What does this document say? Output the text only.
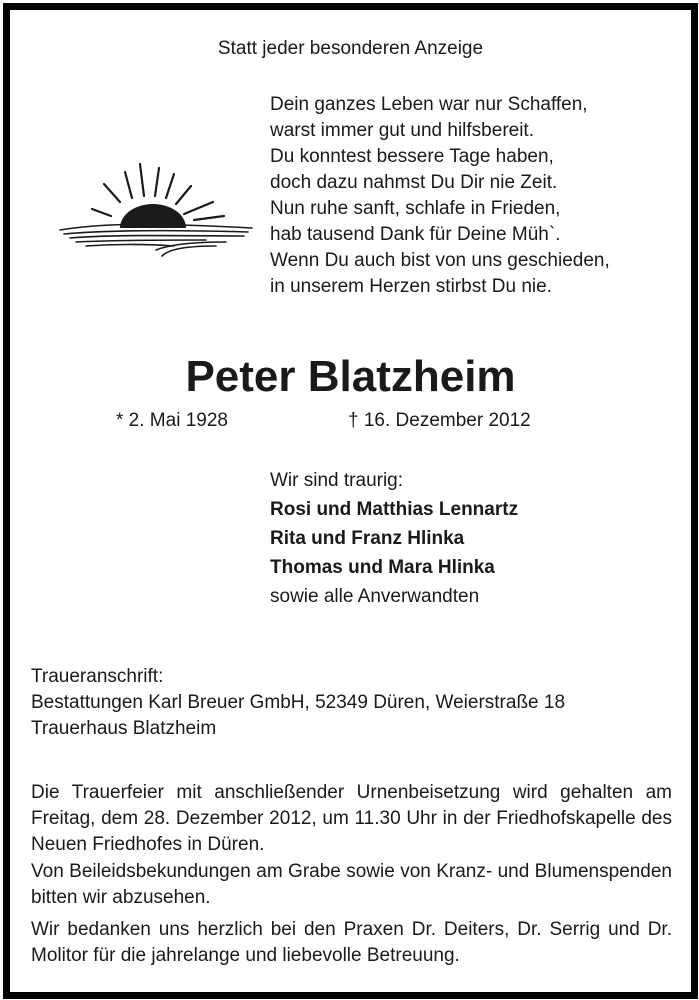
Statt jeder besonderen Anzeige
Dein ganzes Leben war nur Schaffen,
warst immer gut und hilfsbereit.
Du konntest bessere Tage haben,
doch dazu nahmst Du Dir nie Zeit.
Nun ruhe sanft, schlafe in Frieden,
hab tausend Dank für Deine Müh`.
Wenn Du auch bist von uns geschieden,
in unserem Herzen stirbst Du nie.
Peter Blatzheim
* 2. Mai 1928	† 16. Dezember 2012
Wir sind traurig:
Rosi und Matthias Lennartz
Rita und Franz Hlinka
Thomas und Mara Hlinka
sowie alle Anverwandten
Traueranschrift:
Bestattungen Karl Breuer GmbH, 52349 Düren, Weierstraße 18
Trauerhaus Blatzheim
Die Trauerfeier mit anschließender Urnenbeisetzung wird gehalten am Freitag, dem 28. Dezember 2012, um 11.30 Uhr in der Friedhofskapelle des Neuen Friedhofes in Düren.
Von Beileidsbekundungen am Grabe sowie von Kranz- und Blumenspenden bitten wir abzusehen.
Wir bedanken uns herzlich bei den Praxen Dr. Deiters, Dr. Serrig und Dr. Molitor für die jahrelange und liebevolle Betreuung.
